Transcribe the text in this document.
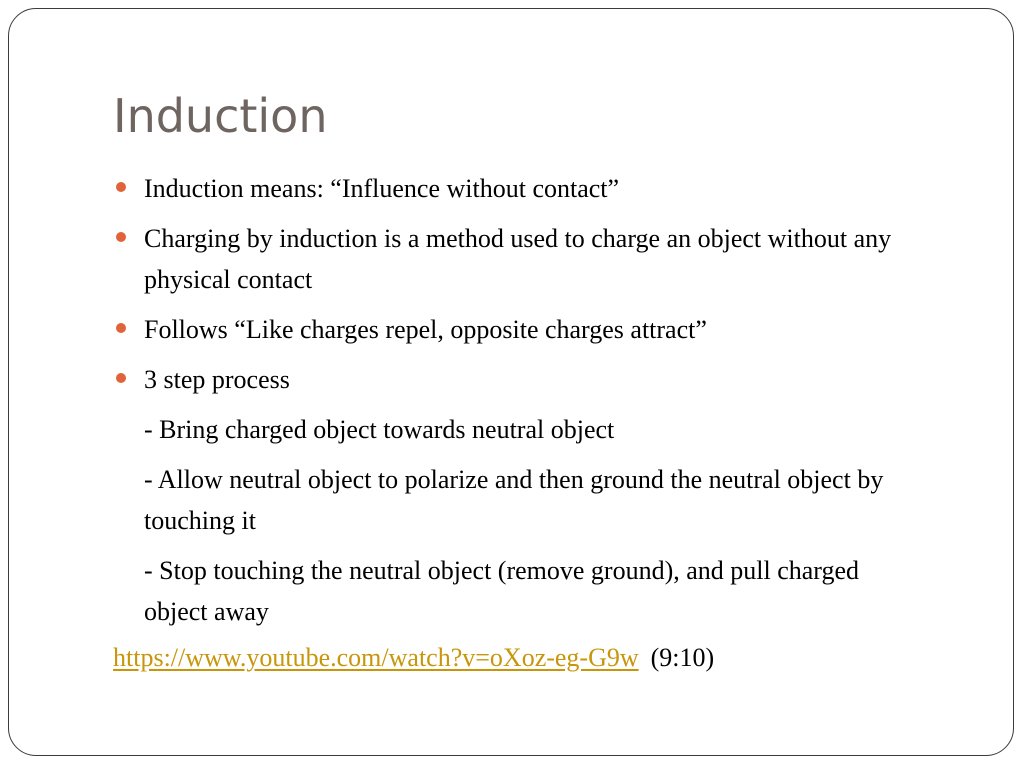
Induction
Induction means: “Influence without contact”
Charging by induction is a method used to charge an object without any physical contact
Follows “Like charges repel, opposite charges attract”
3 step process
- Bring charged object towards neutral object
- Allow neutral object to polarize and then ground the neutral object by touching it
- Stop touching the neutral object (remove ground), and pull charged object away

https://www.youtube.com/watch?v=oXoz-eg-G9w (9:10)
